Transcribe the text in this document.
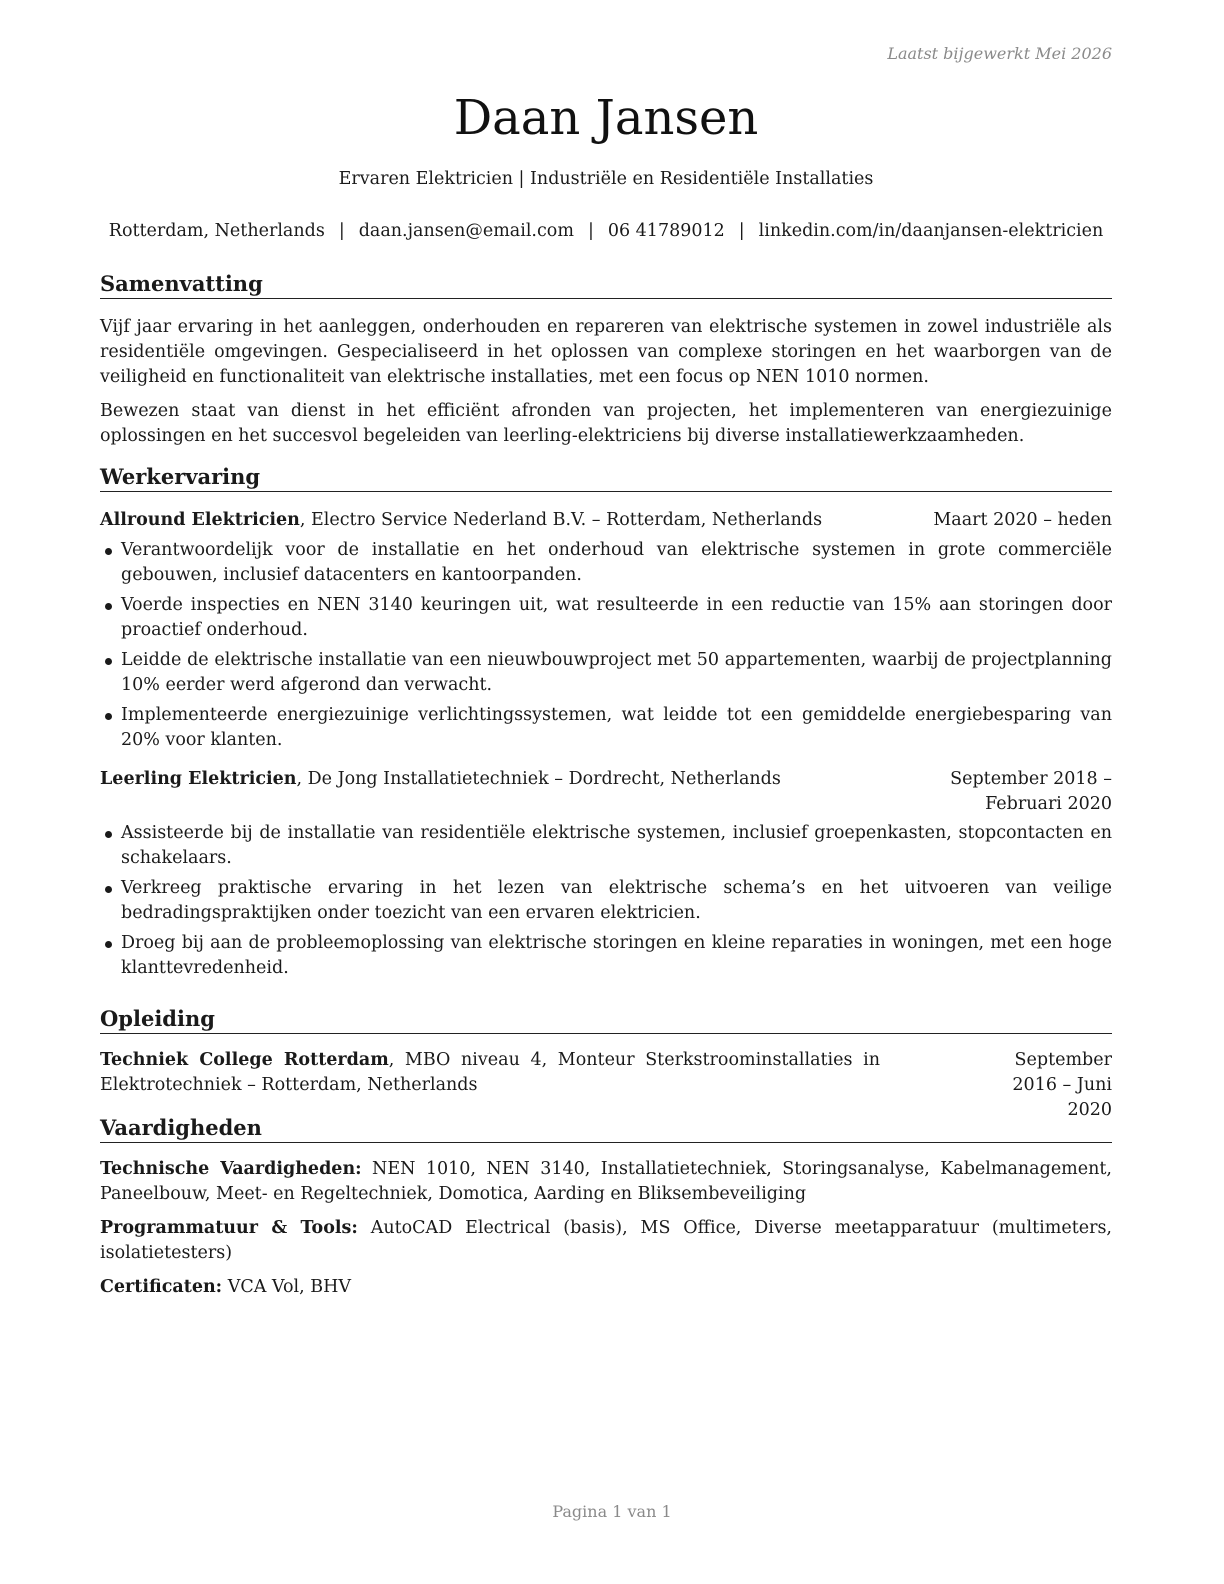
Laatst bijgewerkt Mei 2026
Daan Jansen
Ervaren Elektricien | Industriële en Residentiële Installaties
Rotterdam, Netherlands | daan.jansen@email.com | 06 41789012 | linkedin.com/in/daanjansen-elektricien
Samenvatting

Vijf jaar ervaring in het aanleggen, onderhouden en repareren van elektrische systemen in zowel industriële als residentiële omgevingen. Gespecialiseerd in het oplossen van complexe storingen en het waarborgen van de veiligheid en functionaliteit van elektrische installaties, met een focus op NEN 1010 normen.

Bewezen staat van dienst in het efficiënt afronden van projecten, het implementeren van energiezuinige oplossingen en het succesvol begeleiden van leerling-elektriciens bij diverse installatiewerkzaamheden.

Werkervaring
Allround Elektricien, Electro Service Nederland B.V. – Rotterdam, Netherlands	Maart 2020 – heden
Verantwoordelijk voor de installatie en het onderhoud van elektrische systemen in grote commerciële gebouwen, inclusief datacenters en kantoorpanden.
Voerde inspecties en NEN 3140 keuringen uit, wat resulteerde in een reductie van 15% aan storingen door proactief onderhoud.
Leidde de elektrische installatie van een nieuwbouwproject met 50 appartementen, waarbij de projectplanning 10% eerder werd afgerond dan verwacht.
Implementeerde energiezuinige verlichtingssystemen, wat leidde tot een gemiddelde energiebesparing van 20% voor klanten.
Leerling Elektricien, De Jong Installatietechniek – Dordrecht, Netherlands	September 2018 – Februari 2020
Assisteerde bij de installatie van residentiële elektrische systemen, inclusief groepenkasten, stopcontacten en schakelaars.
Verkreeg praktische ervaring in het lezen van elektrische schema’s en het uitvoeren van veilige bedradingspraktijken onder toezicht van een ervaren elektricien.
Droeg bij aan de probleemoplossing van elektrische storingen en kleine reparaties in woningen, met een hoge klanttevredenheid.
Opleiding
Techniek College Rotterdam, MBO niveau 4, Monteur Sterkstroominstallaties in Elektrotechniek – Rotterdam, Netherlands
September 2016 – Juni 2020
Vaardigheden

Technische Vaardigheden: NEN 1010, NEN 3140, Installatietechniek, Storingsanalyse, Kabelmanagement, Paneelbouw, Meet- en Regeltechniek, Domotica, Aarding en Bliksembeveiliging

Programmatuur & Tools: AutoCAD Electrical (basis), MS Office, Diverse meetapparatuur (multimeters, isolatietesters)

Certificaten: VCA Vol, BHV

Pagina 1 van 1
